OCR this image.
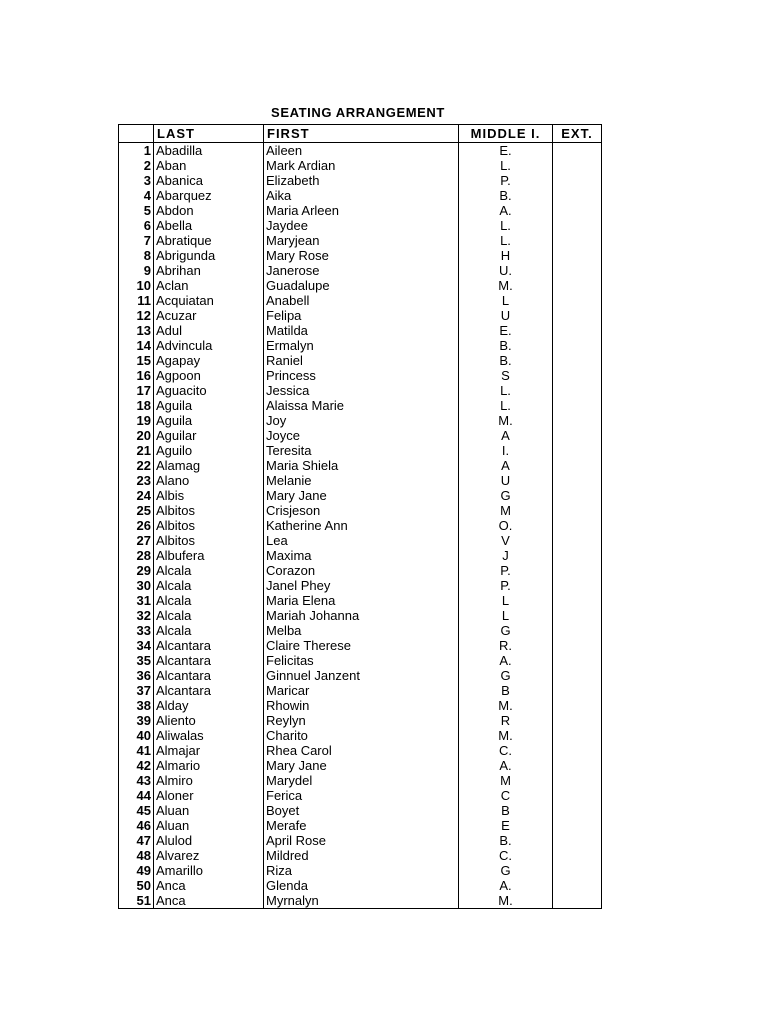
SEATING ARRANGEMENT
	LAST	FIRST	MIDDLE I.	EXT.
1	Abadilla	Aileen	E.	
2	Aban	Mark Ardian	L.	
3	Abanica	Elizabeth	P.	
4	Abarquez	Aika	B.	
5	Abdon	Maria Arleen	A.	
6	Abella	Jaydee	L.	
7	Abratique	Maryjean	L.	
8	Abrigunda	Mary Rose	H	
9	Abrihan	Janerose	U.	
10	Aclan	Guadalupe	M.	
11	Acquiatan	Anabell	L	
12	Acuzar	Felipa	U	
13	Adul	Matilda	E.	
14	Advincula	Ermalyn	B.	
15	Agapay	Raniel	B.	
16	Agpoon	Princess	S	
17	Aguacito	Jessica	L.	
18	Aguila	Alaissa Marie	L.	
19	Aguila	Joy	M.	
20	Aguilar	Joyce	A	
21	Aguilo	Teresita	I.	
22	Alamag	Maria Shiela	A	
23	Alano	Melanie	U	
24	Albis	Mary Jane	G	
25	Albitos	Crisjeson	M	
26	Albitos	Katherine Ann	O.	
27	Albitos	Lea	V	
28	Albufera	Maxima	J	
29	Alcala	Corazon	P.	
30	Alcala	Janel Phey	P.	
31	Alcala	Maria Elena	L	
32	Alcala	Mariah Johanna	L	
33	Alcala	Melba	G	
34	Alcantara	Claire Therese	R.	
35	Alcantara	Felicitas	A.	
36	Alcantara	Ginnuel Janzent	G	
37	Alcantara	Maricar	B	
38	Alday	Rhowin	M.	
39	Aliento	Reylyn	R	
40	Aliwalas	Charito	M.	
41	Almajar	Rhea Carol	C.	
42	Almario	Mary Jane	A.	
43	Almiro	Marydel	M	
44	Aloner	Ferica	C	
45	Aluan	Boyet	B	
46	Aluan	Merafe	E	
47	Alulod	April Rose	B.	
48	Alvarez	Mildred	C.	
49	Amarillo	Riza	G	
50	Anca	Glenda	A.	
51	Anca	Myrnalyn	M.	
